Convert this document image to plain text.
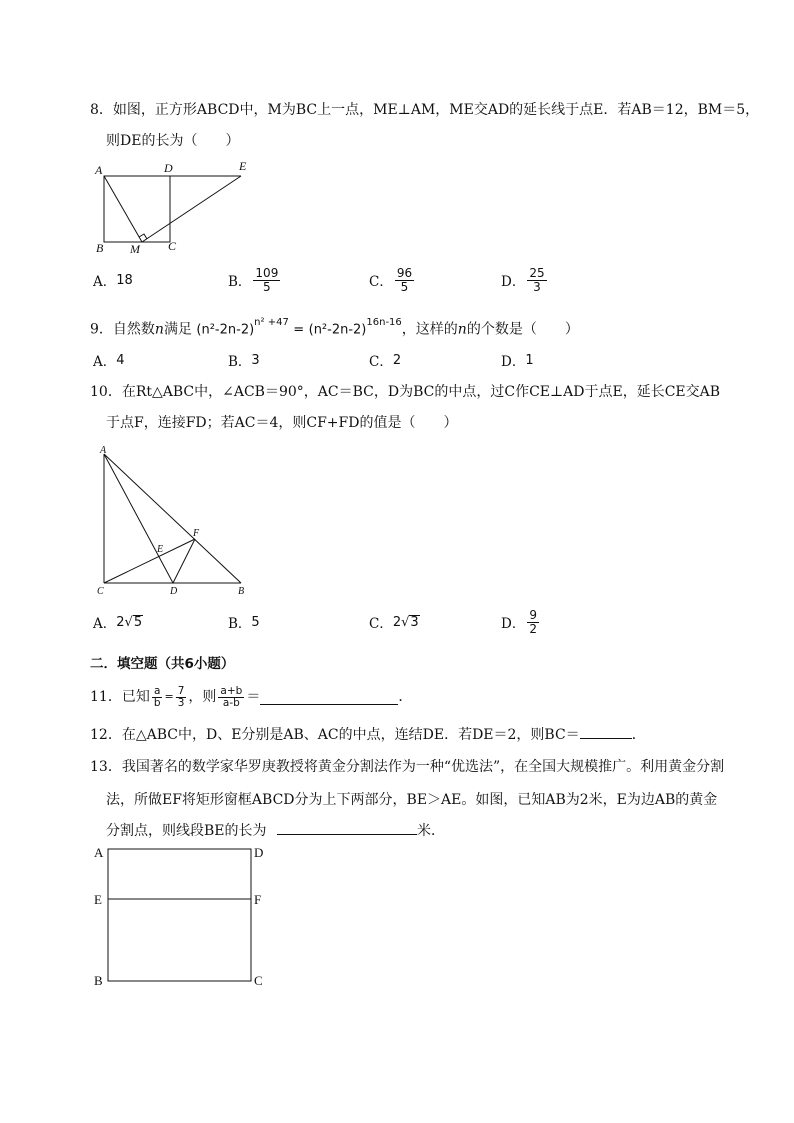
8．如图，正方形ABCD中，M为BC上一点，ME⊥AM，ME交AD的延长线于点E．若AB＝12，BM＝5，
则DE的长为（　　）
A	D	E
B M C
A． 18	B． $\frac{109}{5}$	C． $\frac{96}{5}$	D． $\frac{25}{3}$
9．自然数n满足 $(n^2-2n-2)^{n^2 +47} = (n^2-2n-2)^{16n-16}$，这样的n的个数是（　　）
A． 4	B． 3	C． 2	D． 1
10．在Rt△ABC中，∠ACB＝90°，AC＝BC，D为BC的中点，过C作CE⊥AD于点E，延长CE交AB
于点F，连接FD；若AC＝4，则CF+FD的值是（　　）
A
F
E
C	D	B
A． 2 √ 5	B． 5	C． 2 √ 3	D． $\frac{9}{2}$
二．填空题（共6小题）
11． 已知 $\frac{a}{b} = \frac{7}{3}$ ，则 $\frac{a+b}{a-b}$ ＝	．
12．在△ABC中，D、E分别是AB、AC的中点，连结DE．若DE＝2，则BC＝	．
13．我国著名的数学家华罗庚教授将黄金分割法作为一种“优选法”，在全国大规模推广。利用黄金分割
法，所做EF将矩形窗框ABCD分为上下两部分，BE＞AE。如图，已知AB为2米，E为边AB的黄金
分割点，则线段BE的长为	米．
A	D
E	F
B	C
